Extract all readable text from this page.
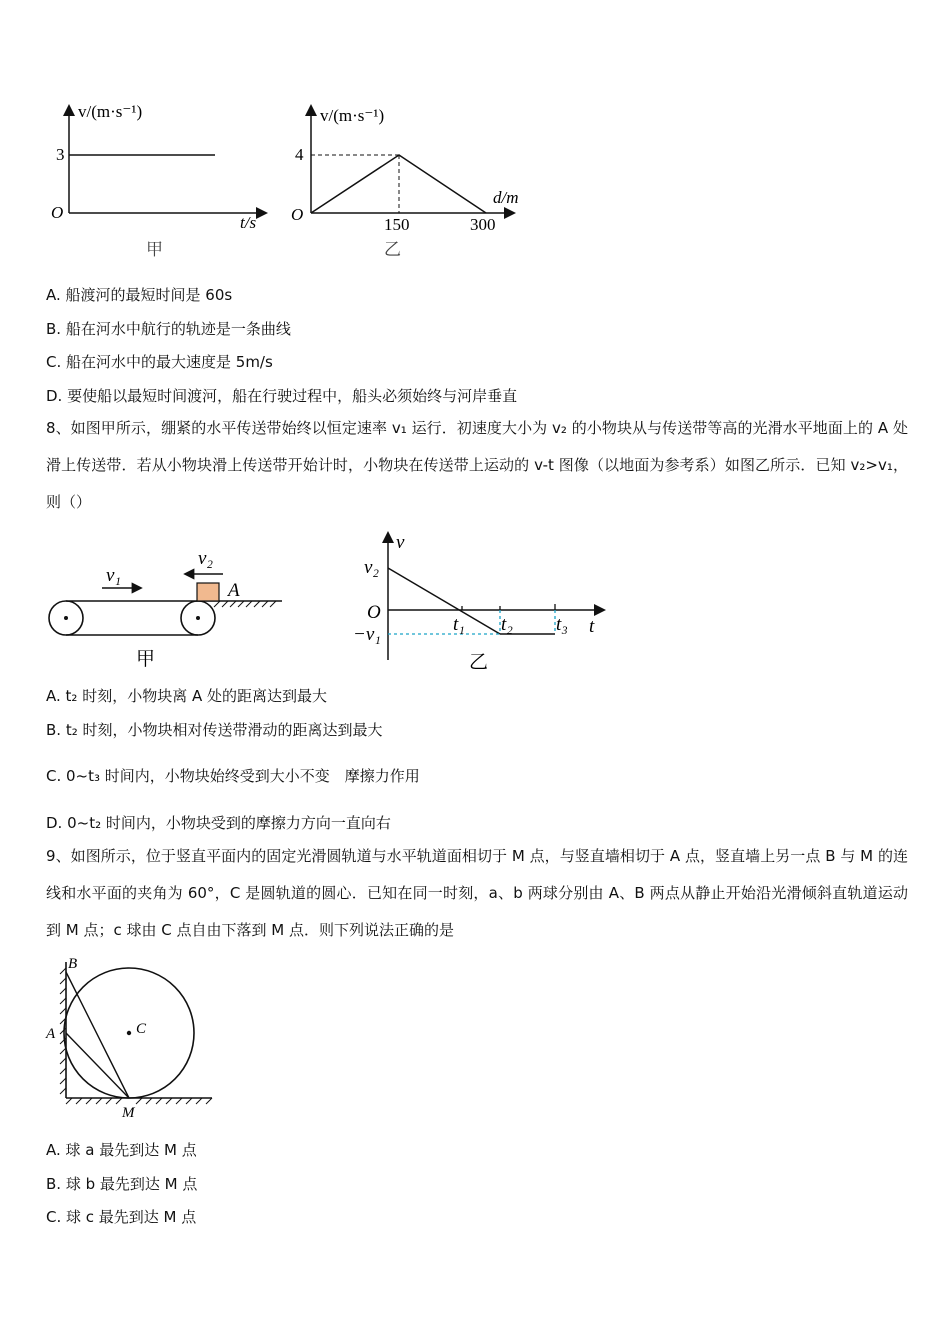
v/(m·s⁻¹)
3
O
t/s
甲
v/(m·s⁻¹)
4
O
150	300
d/m
乙
A. 船渡河的最短时间是 60s
B. 船在河水中航行的轨迹是一条曲线
C. 船在河水中的最大速度是 5m/s
D. 要使船以最短时间渡河，船在行驶过程中，船头必须始终与河岸垂直
8、如图甲所示，绷紧的水平传送带始终以恒定速率 v₁ 运行．初速度大小为 v₂ 的小物块从与传送带等高的光滑水平地面上的 A 处滑上传送带．若从小物块滑上传送带开始计时，小物块在传送带上运动的 v-t 图像（以地面为参考系）如图乙所示．已知 v₂>v₁，则（）
v₁
v₂
A
甲
v
t
O
v₂
−v₁	t₁ t₂ t₃
乙
A. t₂ 时刻，小物块离 A 处的距离达到最大
B. t₂ 时刻，小物块相对传送带滑动的距离达到最大
C. 0~t₃ 时间内，小物块始终受到大小不变　摩擦力作用
D. 0~t₂ 时间内，小物块受到的摩擦力方向一直向右
9、如图所示，位于竖直平面内的固定光滑圆轨道与水平轨道面相切于 M 点，与竖直墙相切于 A 点，竖直墙上另一点 B 与 M 的连线和水平面的夹角为 60°，C 是圆轨道的圆心．已知在同一时刻，a、b 两球分别由 A、B 两点从静止开始沿光滑倾斜直轨道运动到 M 点；c 球由 C 点自由下落到 M 点．则下列说法正确的是
B
A	C
M
A. 球 a 最先到达 M 点
B. 球 b 最先到达 M 点
C. 球 c 最先到达 M 点
